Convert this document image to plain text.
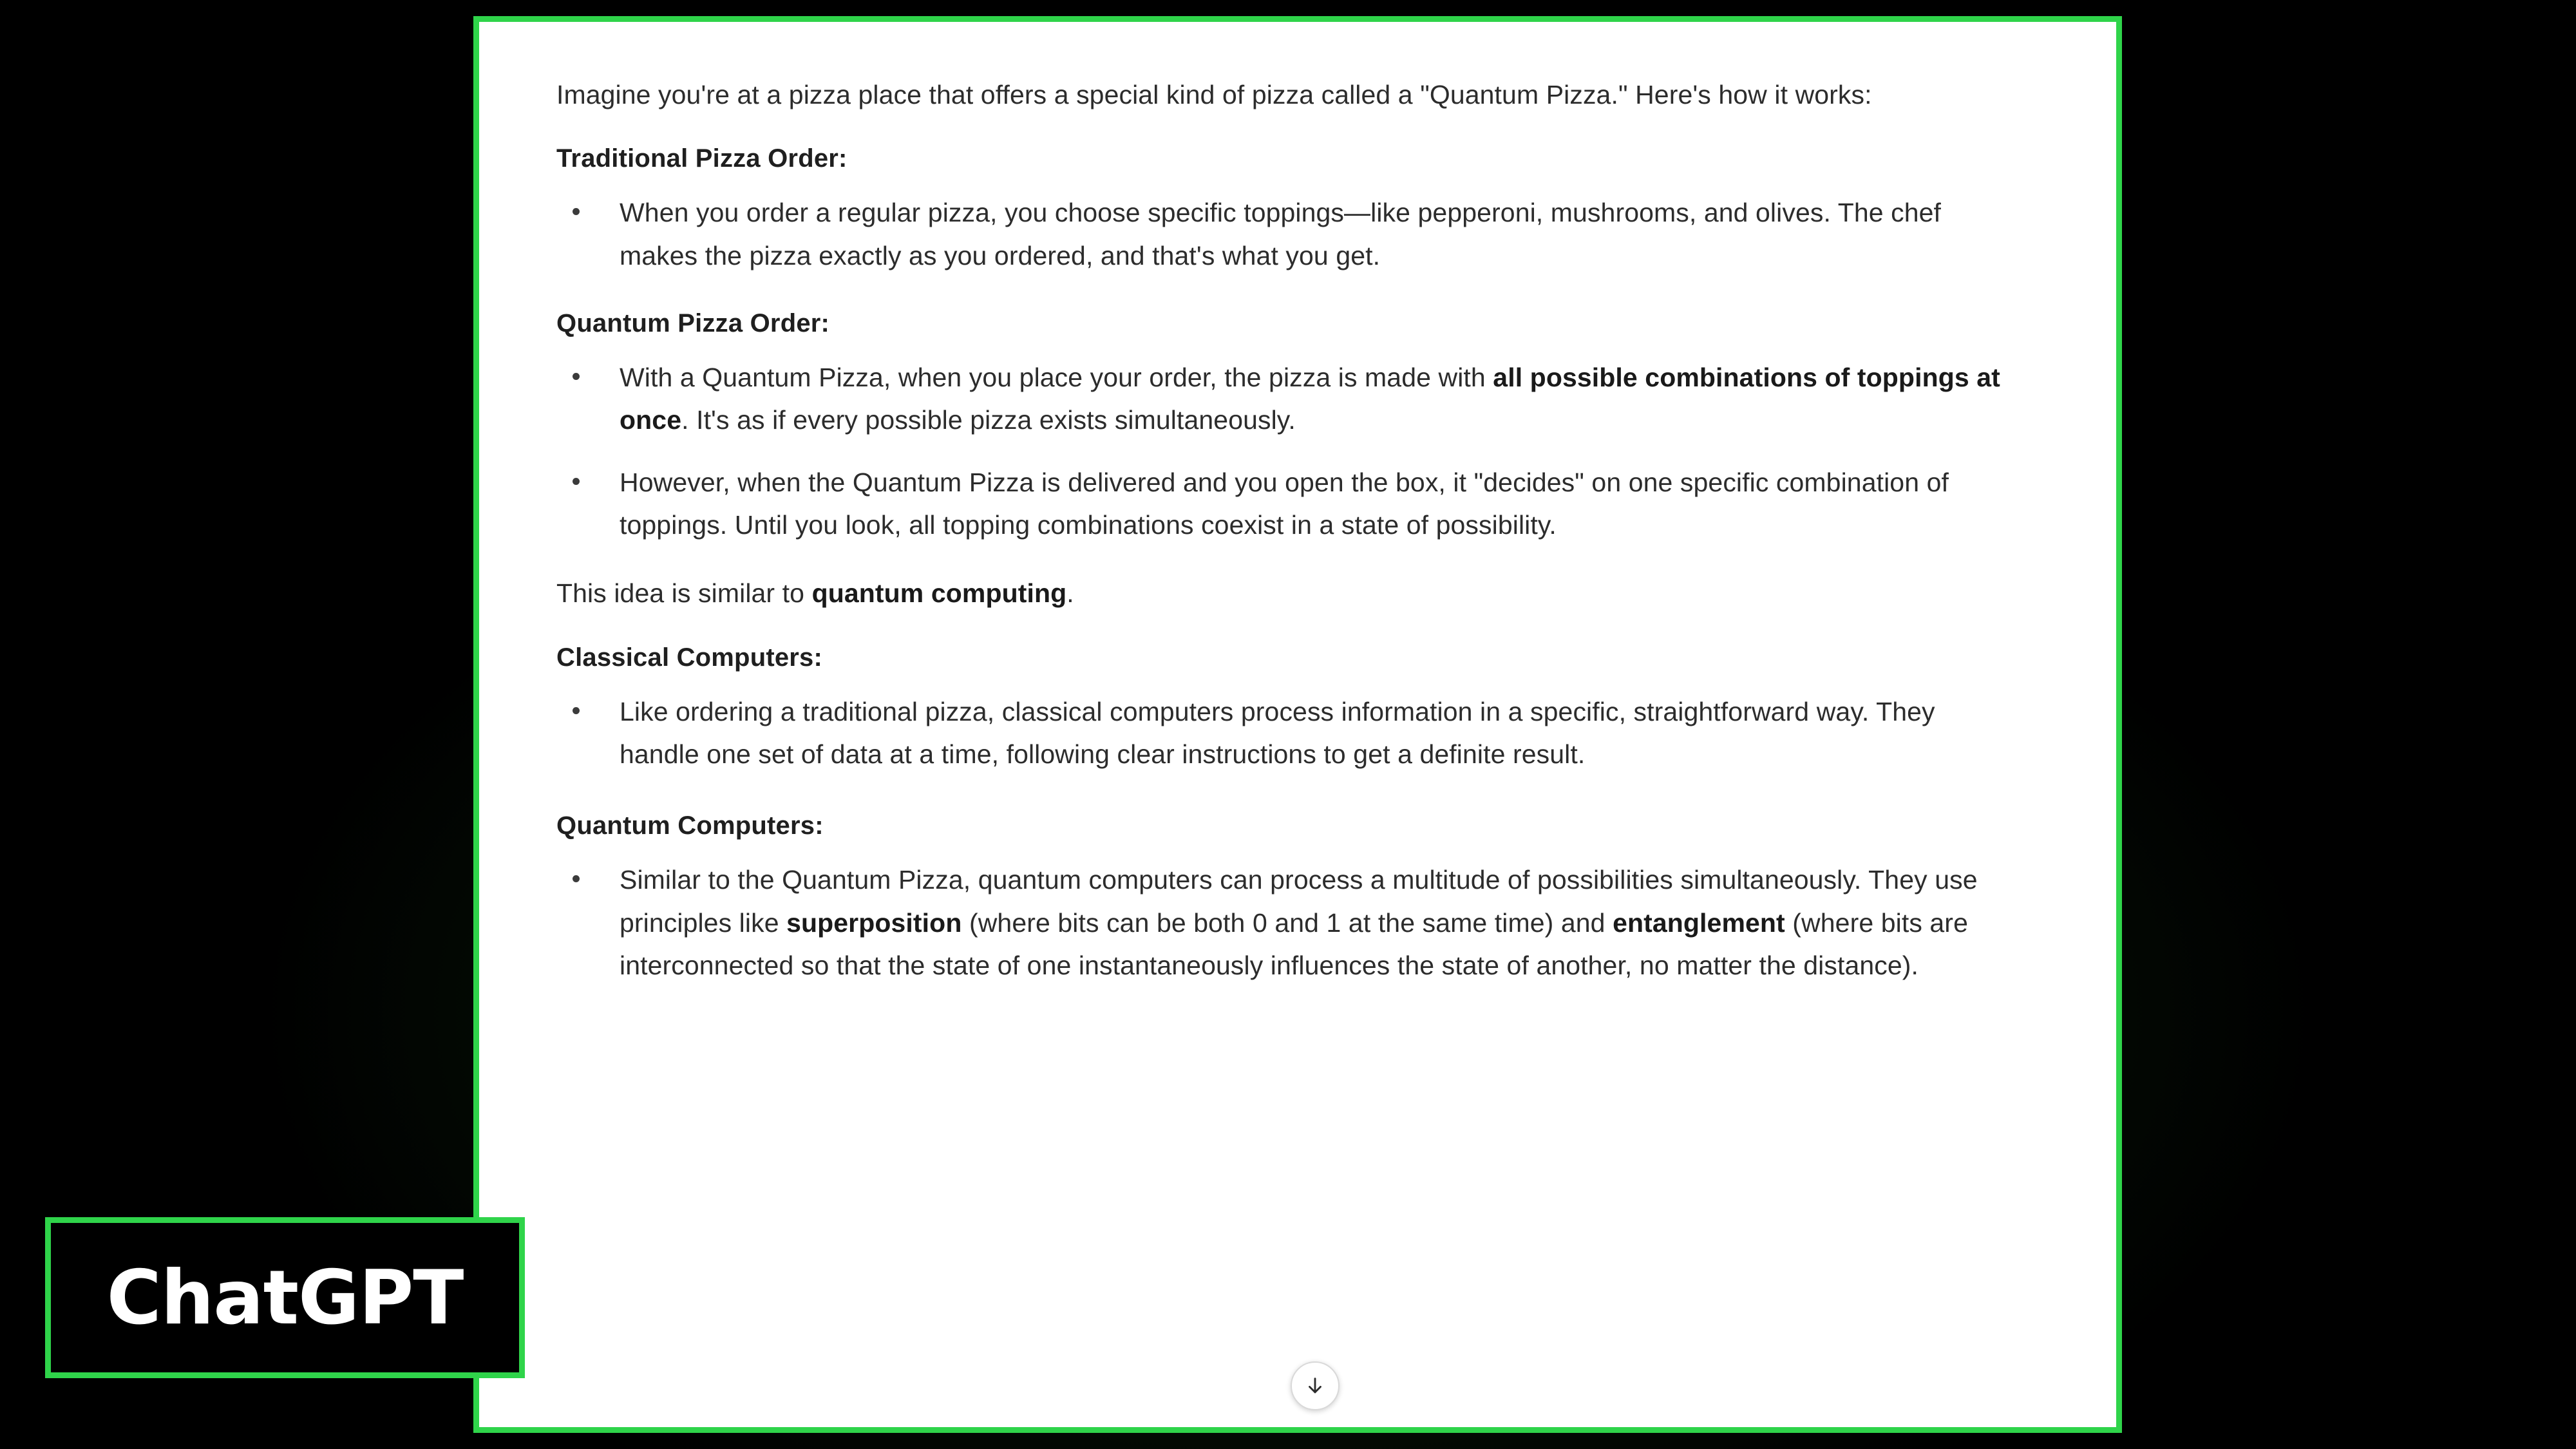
Imagine you're at a pizza place that offers a special kind of pizza called a "Quantum Pizza." Here's how it works:

Traditional Pizza Order:

When you order a regular pizza, you choose specific toppings—like pepperoni, mushrooms, and olives. The chef makes the pizza exactly as you ordered, and that's what you get.

Quantum Pizza Order:

With a Quantum Pizza, when you place your order, the pizza is made with all possible combinations of toppings at once. It's as if every possible pizza exists simultaneously.
However, when the Quantum Pizza is delivered and you open the box, it "decides" on one specific combination of toppings. Until you look, all topping combinations coexist in a state of possibility.

This idea is similar to quantum computing.

Classical Computers:

Like ordering a traditional pizza, classical computers process information in a specific, straightforward way. They handle one set of data at a time, following clear instructions to get a definite result.

Quantum Computers:

Similar to the Quantum Pizza, quantum computers can process a multitude of possibilities simultaneously. They use principles like superposition (where bits can be both 0 and 1 at the same time) and entanglement (where bits are interconnected so that the state of one instantaneously influences the state of another, no matter the distance).
ChatGPT
